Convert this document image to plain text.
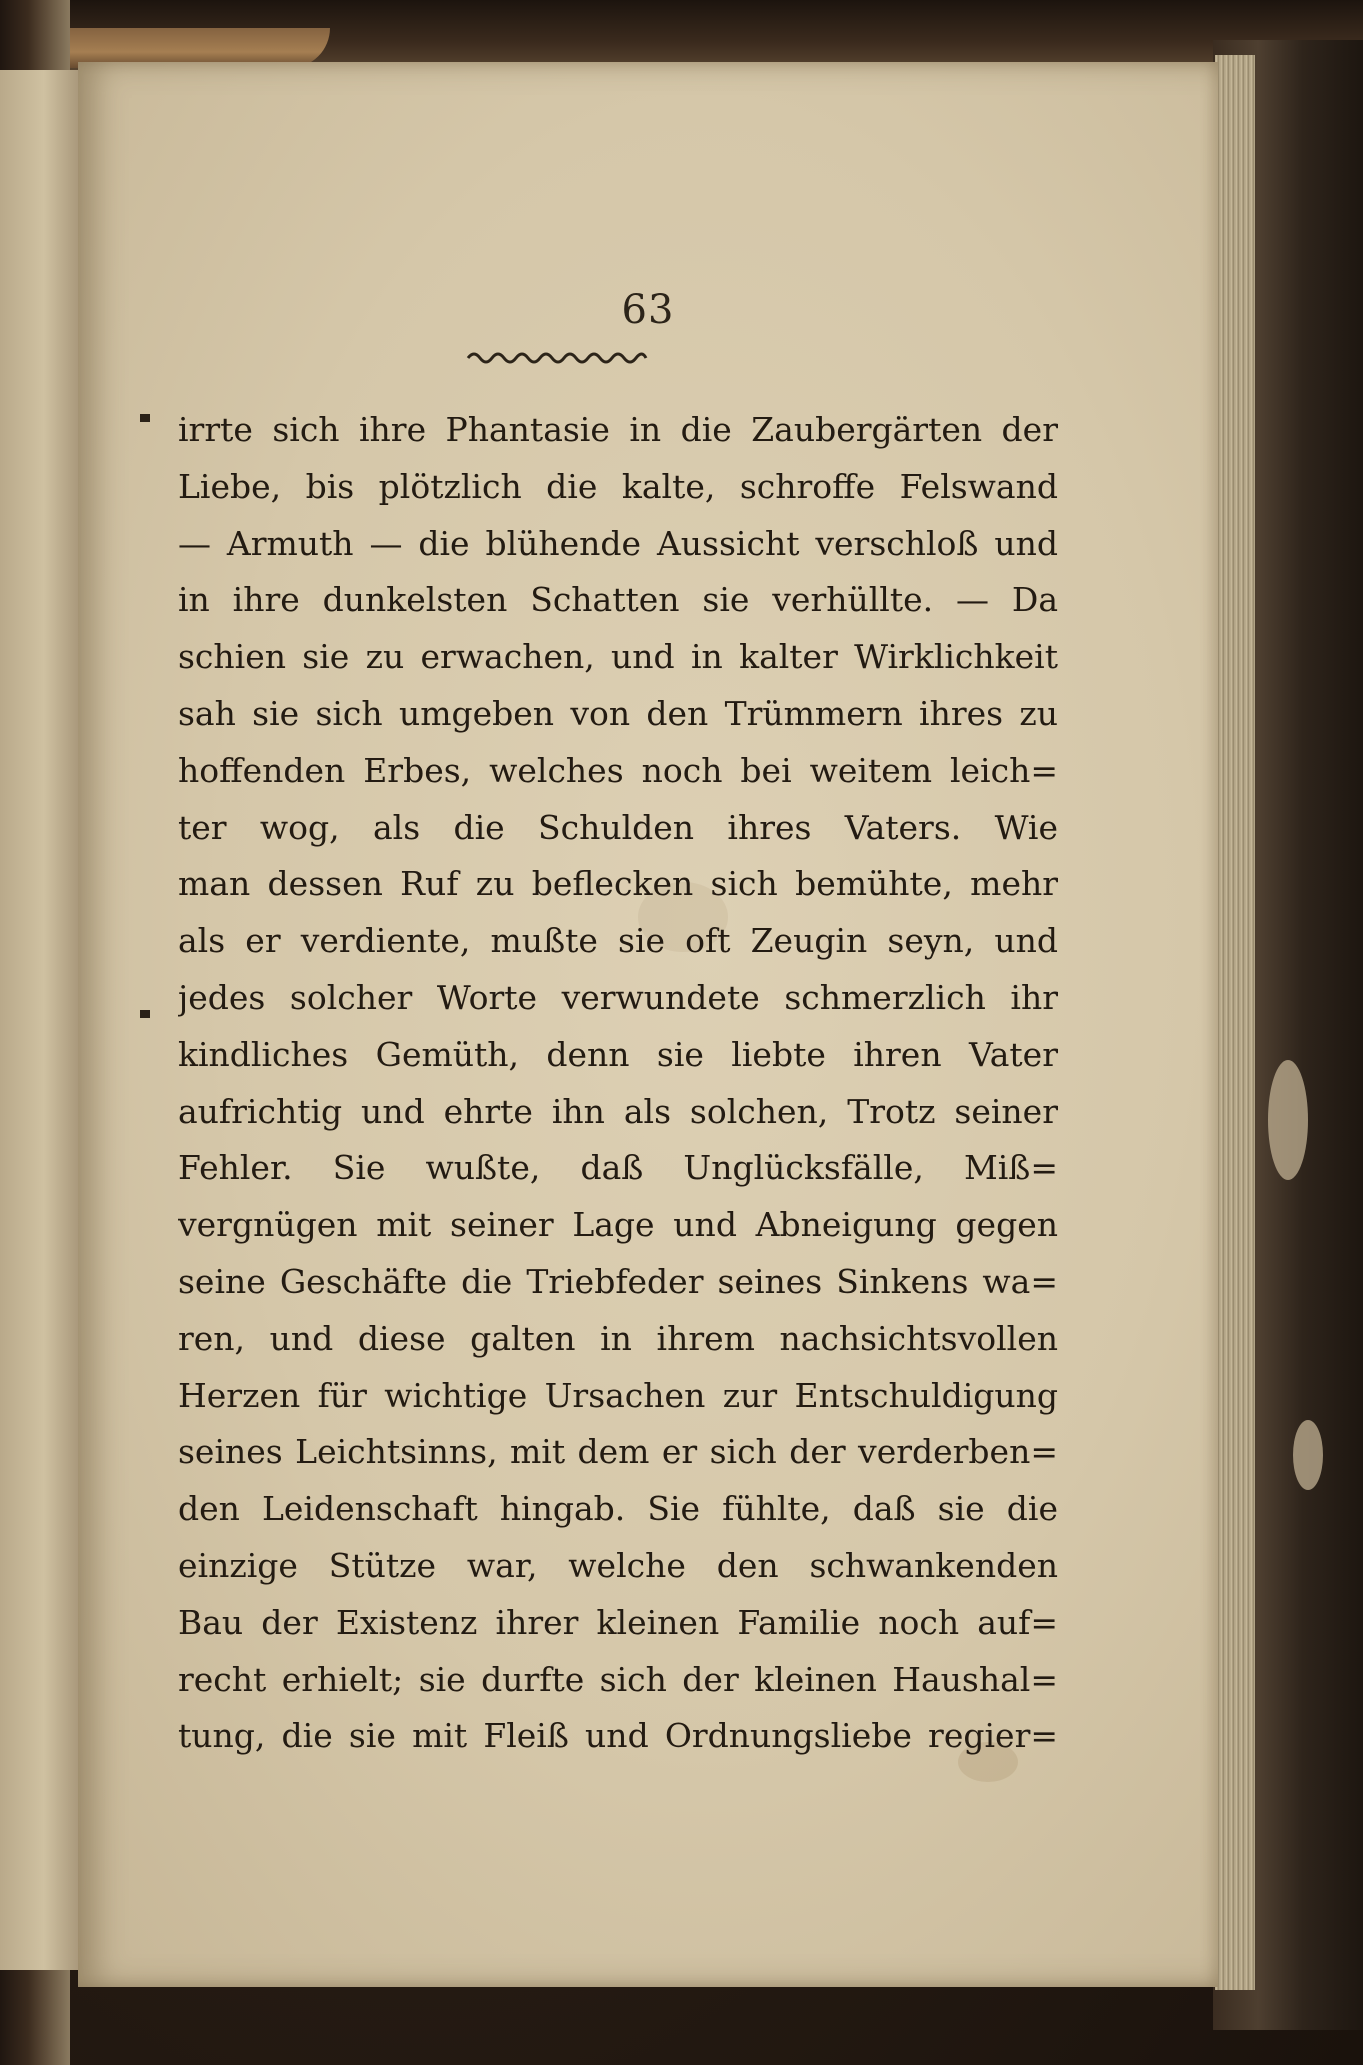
63
irrte sich ihre Phantasie in die Zaubergärten der
Liebe, bis plötzlich die kalte, schroffe Felswand
— Armuth — die blühende Aussicht verschloß und
in ihre dunkelsten Schatten sie verhüllte. — Da
schien sie zu erwachen, und in kalter Wirklichkeit
sah sie sich umgeben von den Trümmern ihres zu
hoffenden Erbes, welches noch bei weitem leich=
ter wog, als die Schulden ihres Vaters. Wie
man dessen Ruf zu beflecken sich bemühte, mehr
als er verdiente, mußte sie oft Zeugin seyn, und
jedes solcher Worte verwundete schmerzlich ihr
kindliches Gemüth, denn sie liebte ihren Vater
aufrichtig und ehrte ihn als solchen, Trotz seiner
Fehler. Sie wußte, daß Unglücksfälle, Miß=
vergnügen mit seiner Lage und Abneigung gegen
seine Geschäfte die Triebfeder seines Sinkens wa=
ren, und diese galten in ihrem nachsichtsvollen
Herzen für wichtige Ursachen zur Entschuldigung
seines Leichtsinns, mit dem er sich der verderben=
den Leidenschaft hingab. Sie fühlte, daß sie die
einzige Stütze war, welche den schwankenden
Bau der Existenz ihrer kleinen Familie noch auf=
recht erhielt; sie durfte sich der kleinen Haushal=
tung, die sie mit Fleiß und Ordnungsliebe regier=
